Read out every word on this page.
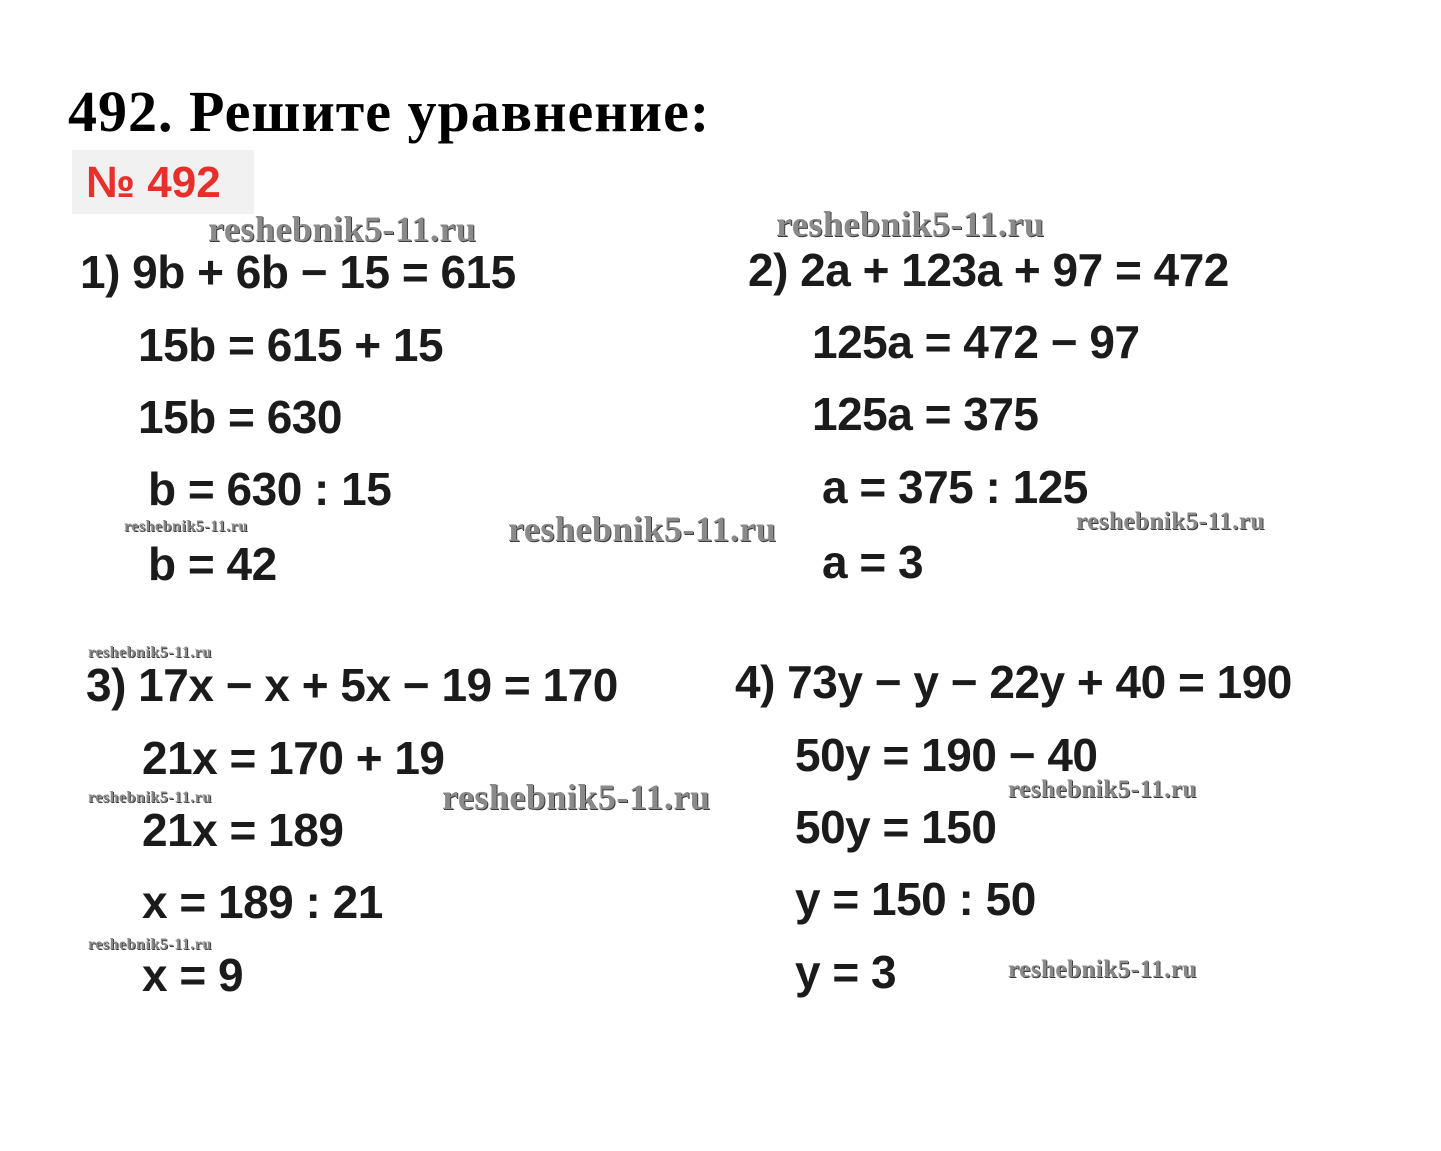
492. Решите уравнение:
№ 492
1) 9b + 6b − 15 = 615
15b = 615 + 15
15b = 630
b = 630 : 15
b = 42
2) 2a + 123a + 97 = 472
125a = 472 − 97
125a = 375
a = 375 : 125
a = 3
3) 17x − x + 5x − 19 = 170
21x = 170 + 19
21x = 189
x = 189 : 21
x = 9
4) 73y − y − 22y + 40 = 190
50y = 190 − 40
50y = 150
y = 150 : 50
y = 3
reshebnik5-11.ru	reshebnik5-11.ru
reshebnik5-11.ru	reshebnik5-11.ru	reshebnik5-11.ru
reshebnik5-11.ru
reshebnik5-11.ru	reshebnik5-11.ru	reshebnik5-11.ru
reshebnik5-11.ru
reshebnik5-11.ru
